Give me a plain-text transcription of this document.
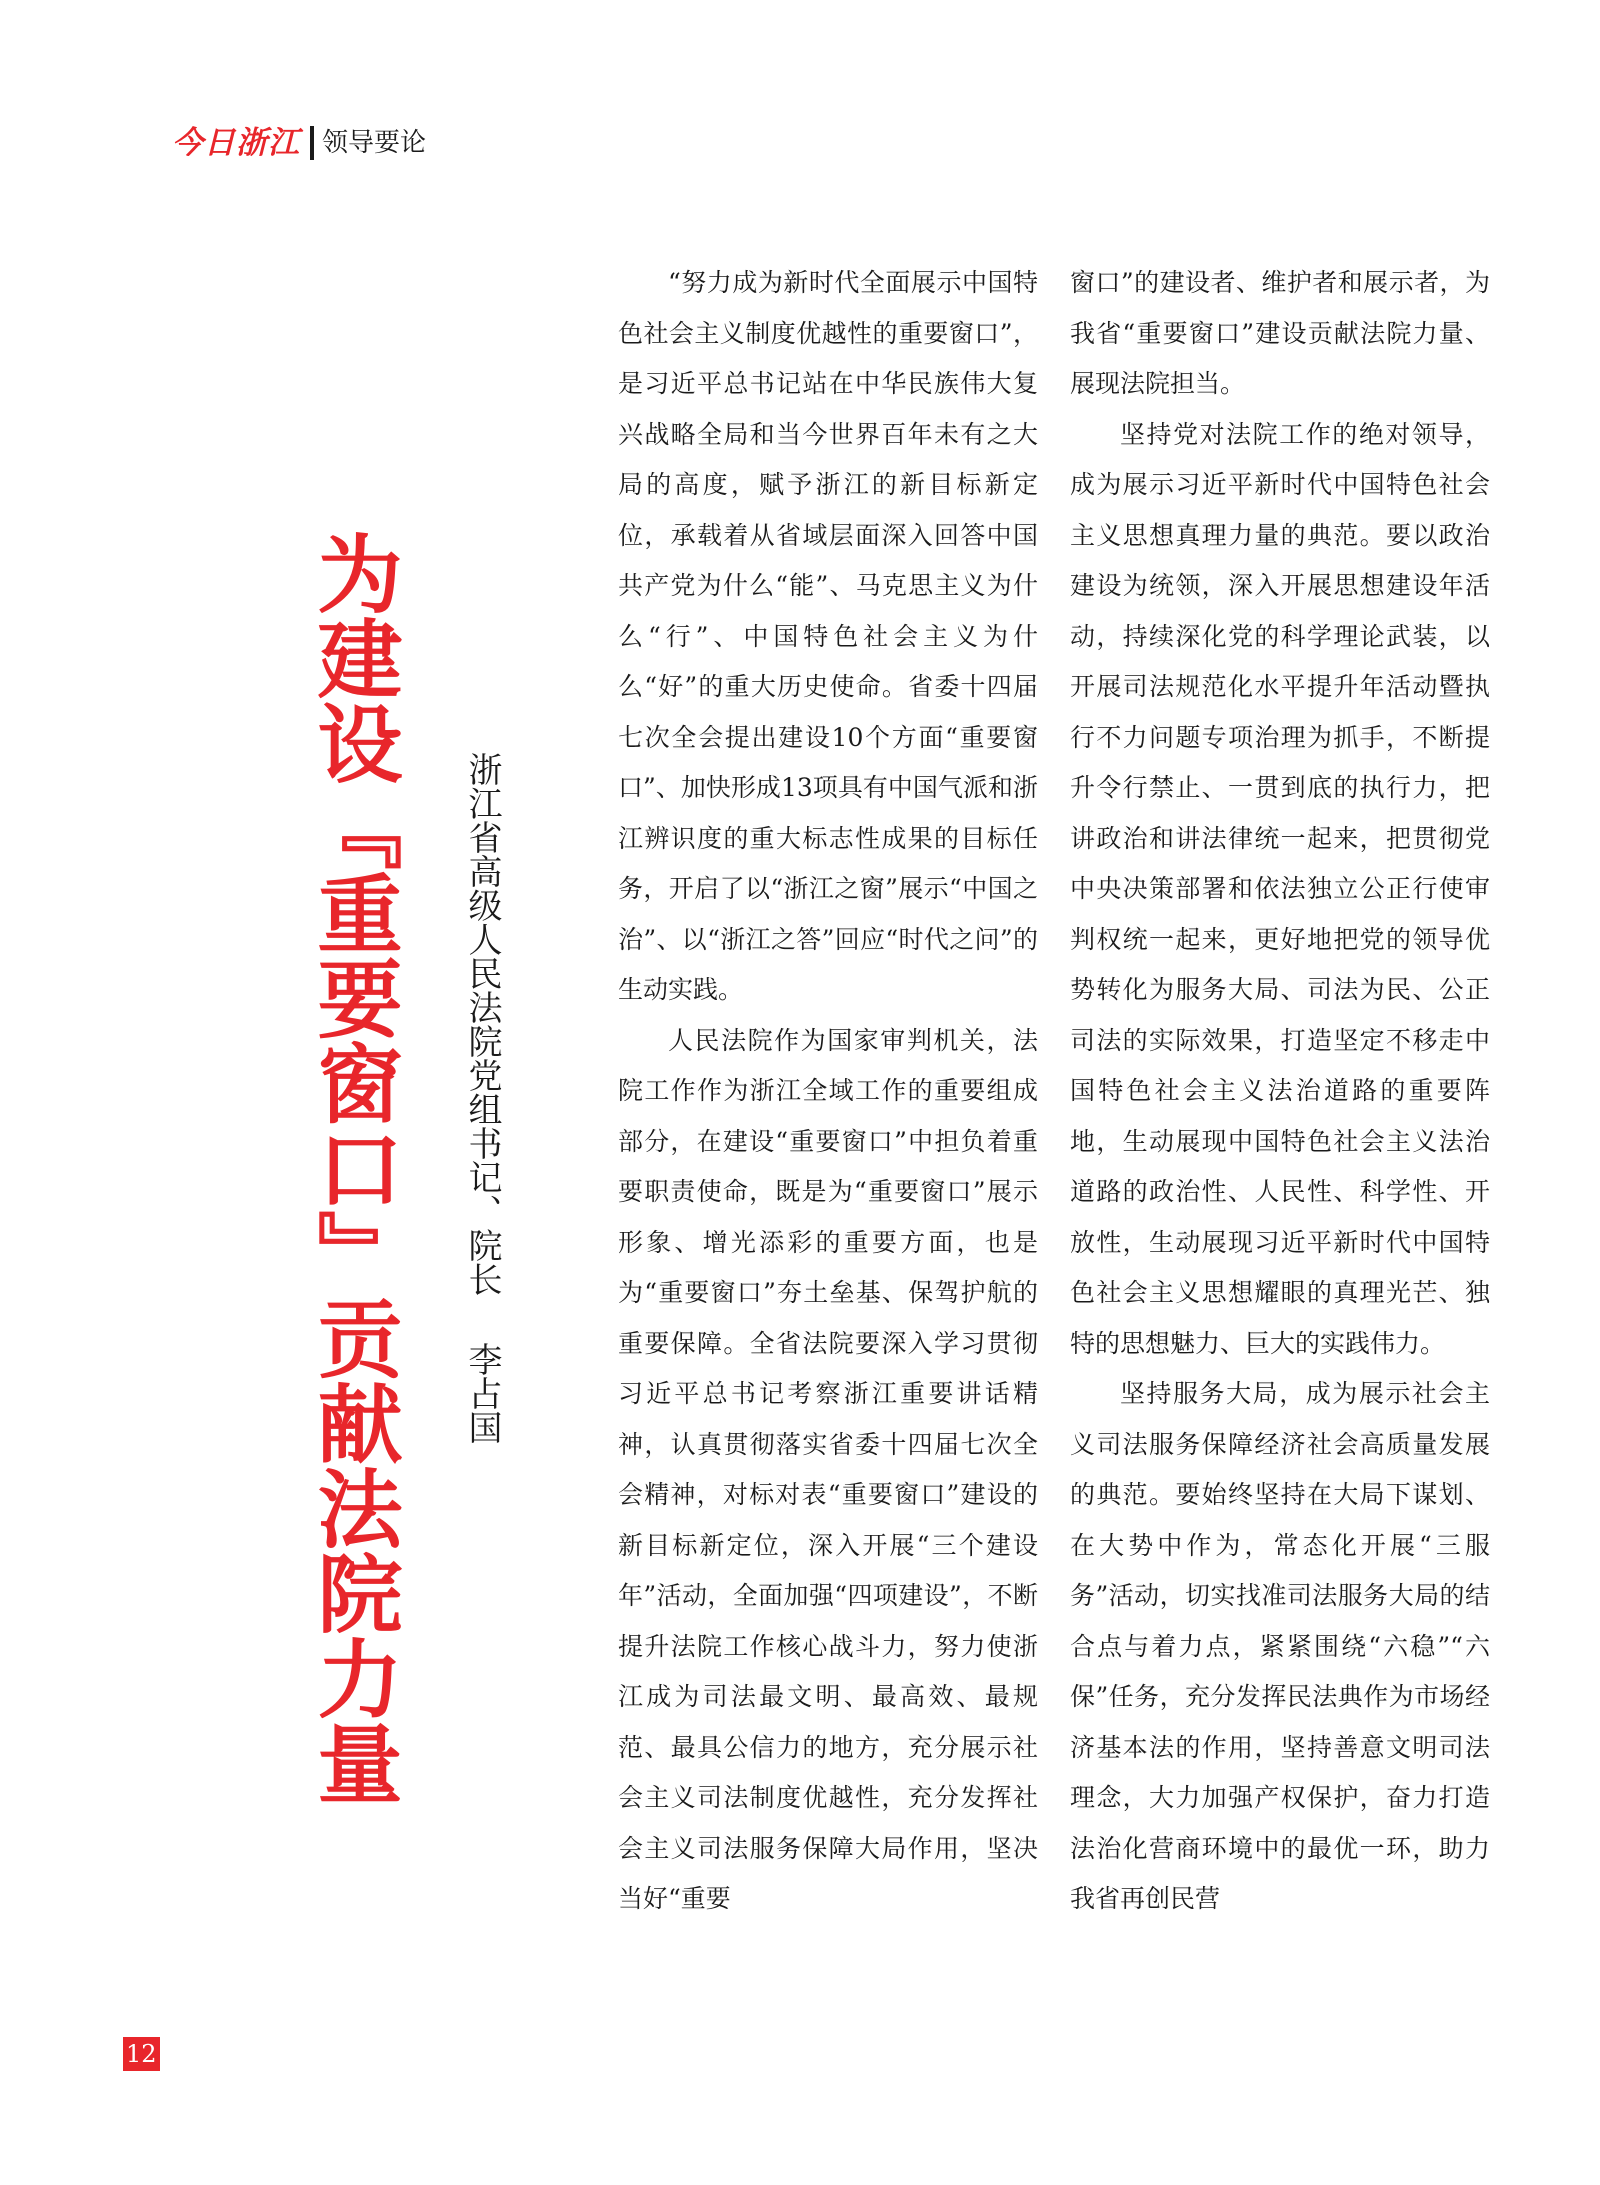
今日浙江 领导要论
为建设『重要窗口』贡献法院力量 浙江省高级人民法院党组书记、院长李占国

“努力成为新时代全面展示中国特色社会主义制度优越性的重要窗口”，是习近平总书记站在中华民族伟大复兴战略全局和当今世界百年未有之大局的高度，赋予浙江的新目标新定位，承载着从省域层面深入回答中国共产党为什么“能”、马克思主义为什么“行”、中国特色社会主义为什么“好”的重大历史使命。省委十四届七次全会提出建设10个方面“重要窗口”、加快形成13项具有中国气派和浙江辨识度的重大标志性成果的目标任务，开启了以“浙江之窗”展示“中国之治”、以“浙江之答”回应“时代之问”的生动实践。

人民法院作为国家审判机关，法院工作作为浙江全域工作的重要组成部分，在建设“重要窗口”中担负着重要职责使命，既是为“重要窗口”展示形象、增光添彩的重要方面，也是为“重要窗口”夯土垒基、保驾护航的重要保障。全省法院要深入学习贯彻习近平总书记考察浙江重要讲话精神，认真贯彻落实省委十四届七次全会精神，对标对表“重要窗口”建设的新目标新定位，深入开展“三个建设年”活动，全面加强“四项建设”，不断提升法院工作核心战斗力，努力使浙江成为司法最文明、最高效、最规范、最具公信力的地方，充分展示社会主义司法制度优越性，充分发挥社会主义司法服务保障大局作用，坚决当好“重要

窗口”的建设者、维护者和展示者，为我省“重要窗口”建设贡献法院力量、展现法院担当。

坚持党对法院工作的绝对领导，成为展示习近平新时代中国特色社会主义思想真理力量的典范。要以政治建设为统领，深入开展思想建设年活动，持续深化党的科学理论武装，以开展司法规范化水平提升年活动暨执行不力问题专项治理为抓手，不断提升令行禁止、一贯到底的执行力，把讲政治和讲法律统一起来，把贯彻党中央决策部署和依法独立公正行使审判权统一起来，更好地把党的领导优势转化为服务大局、司法为民、公正司法的实际效果，打造坚定不移走中国特色社会主义法治道路的重要阵地，生动展现中国特色社会主义法治道路的政治性、人民性、科学性、开放性，生动展现习近平新时代中国特色社会主义思想耀眼的真理光芒、独特的思想魅力、巨大的实践伟力。

坚持服务大局，成为展示社会主义司法服务保障经济社会高质量发展的典范。要始终坚持在大局下谋划、在大势中作为，常态化开展“三服务”活动，切实找准司法服务大局的结合点与着力点，紧紧围绕“六稳”“六保”任务，充分发挥民法典作为市场经济基本法的作用，坚持善意文明司法理念，大力加强产权保护，奋力打造法治化营商环境中的最优一环，助力我省再创民营

12
